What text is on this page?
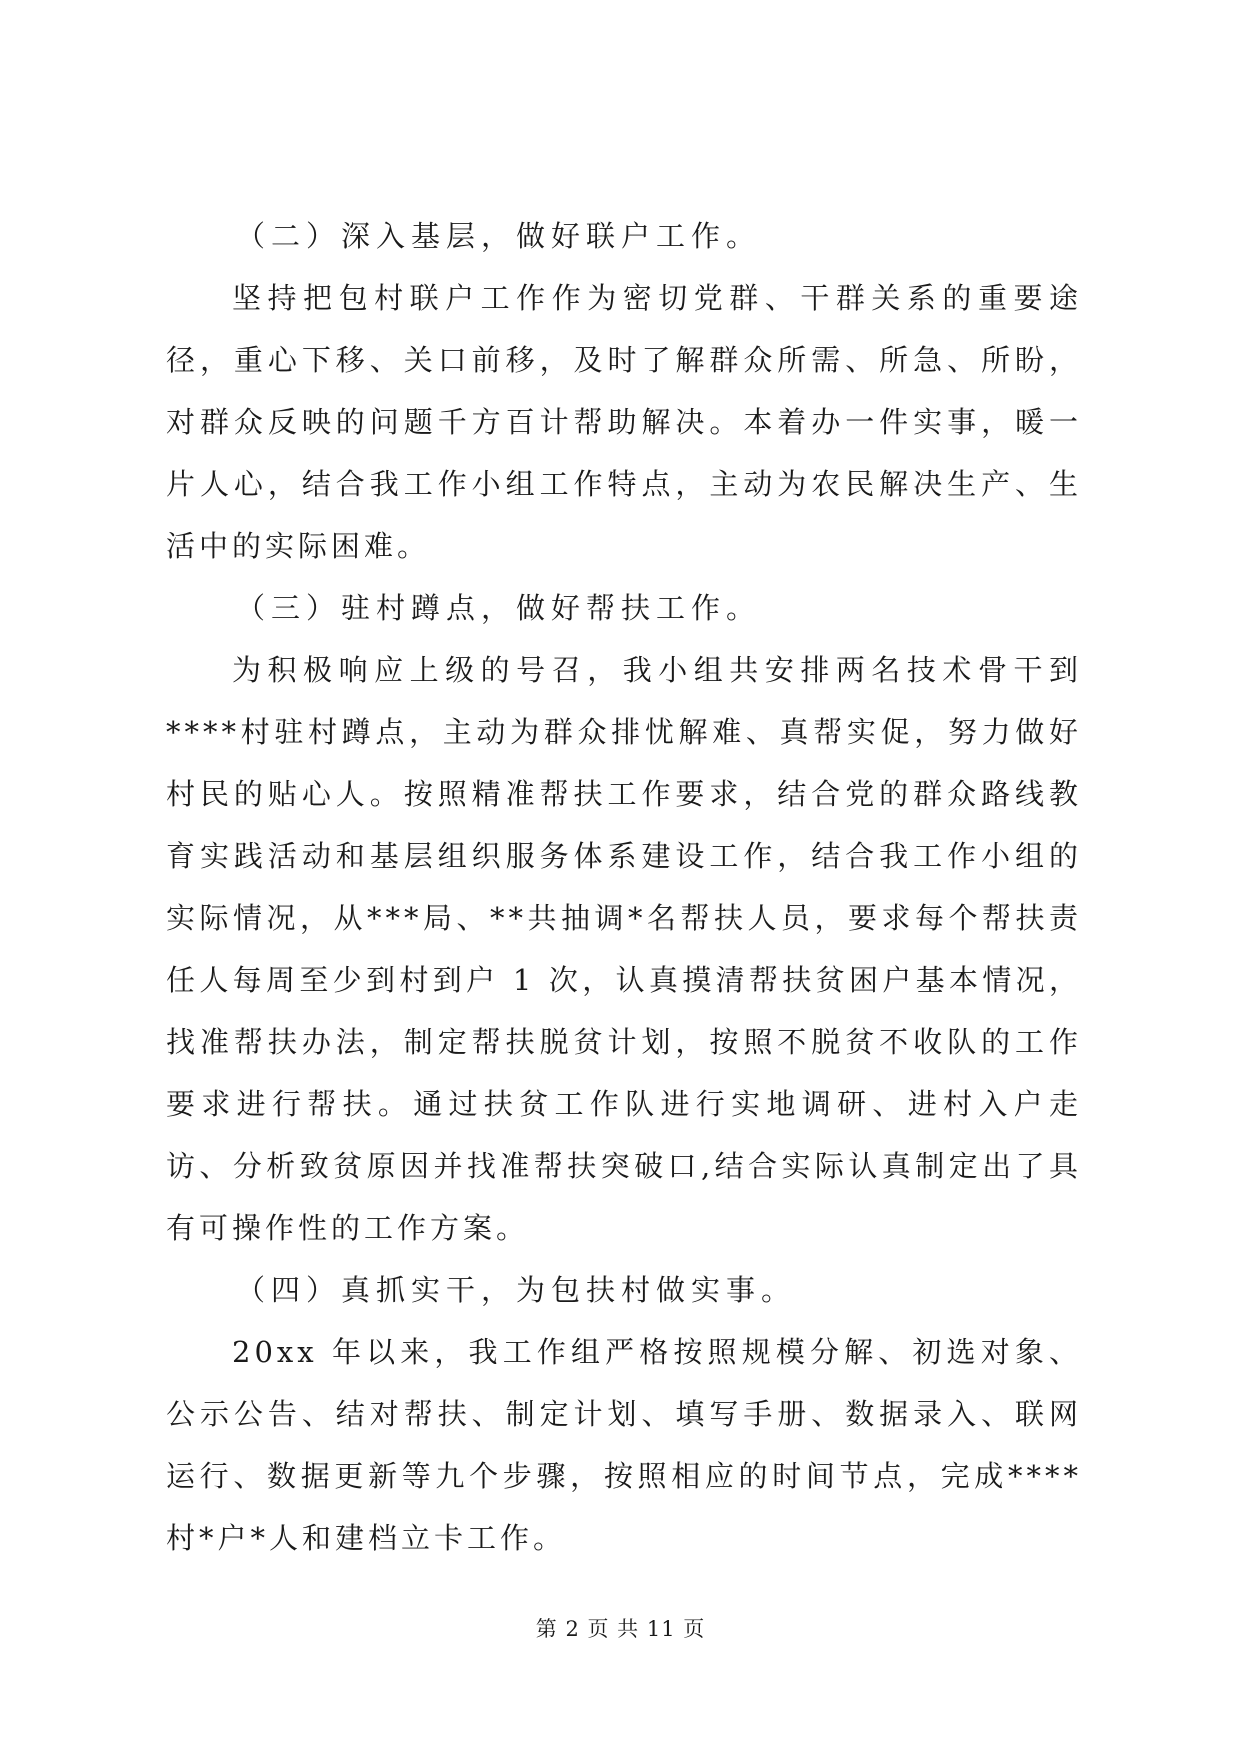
（二）深入基层，做好联户工作。

坚持把包村联户工作作为密切党群、干群关系的重要途径，重心下移、关口前移，及时了解群众所需、所急、所盼，对群众反映的问题千方百计帮助解决。本着办一件实事，暖一片人心，结合我工作小组工作特点，主动为农民解决生产、生活中的实际困难。

（三）驻村蹲点，做好帮扶工作。

为积极响应上级的号召，我小组共安排两名技术骨干到****村驻村蹲点，主动为群众排忧解难、真帮实促，努力做好村民的贴心人。按照精准帮扶工作要求，结合党的群众路线教育实践活动和基层组织服务体系建设工作，结合我工作小组的实际情况，从***局、**共抽调*名帮扶人员，要求每个帮扶责任人每周至少到村到户 1 次，认真摸清帮扶贫困户基本情况，找准帮扶办法，制定帮扶脱贫计划，按照不脱贫不收队的工作要求进行帮扶。通过扶贫工作队进行实地调研、进村入户走访、分析致贫原因并找准帮扶突破口,结合实际认真制定出了具有可操作性的工作方案。

（四）真抓实干，为包扶村做实事。

20xx 年以来，我工作组严格按照规模分解、初选对象、公示公告、结对帮扶、制定计划、填写手册、数据录入、联网运行、数据更新等九个步骤，按照相应的时间节点，完成****村*户*人和建档立卡工作。

第 2 页 共 11 页
